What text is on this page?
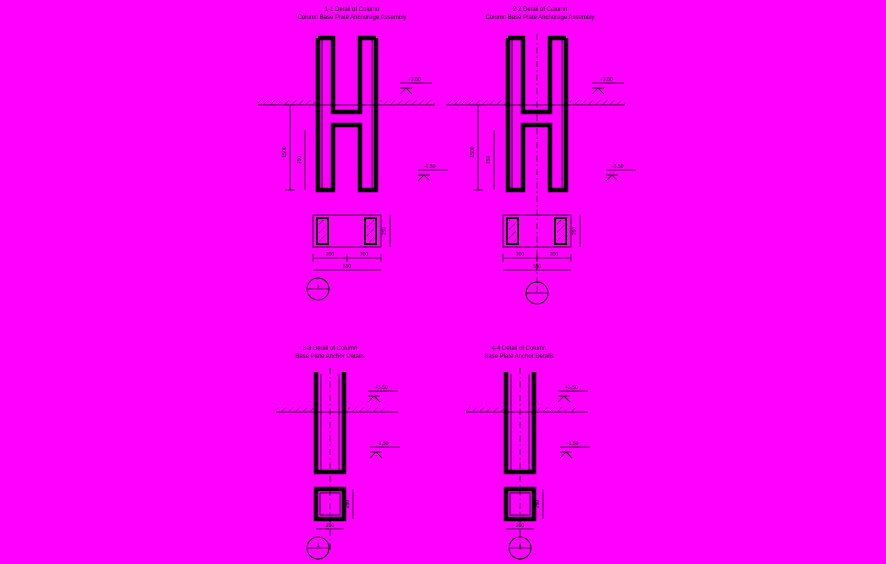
1-1 Detail of Column
Column Base Plate Anchorage Assembly
1500
750
+3.50
-1.50
200	200
550
250
1
2-2 Detail of Column
Column Base Plate Anchorage Assembly
1500
750
+3.50
-1.50
200	200
550
250
2
3-3 Detail of Column
Base Plate Anchor Details
+3.50
-1.50
250
250
3
4-4 Detail of Column
Base Plate Anchor Details
+3.50
-1.50
250
250
4
